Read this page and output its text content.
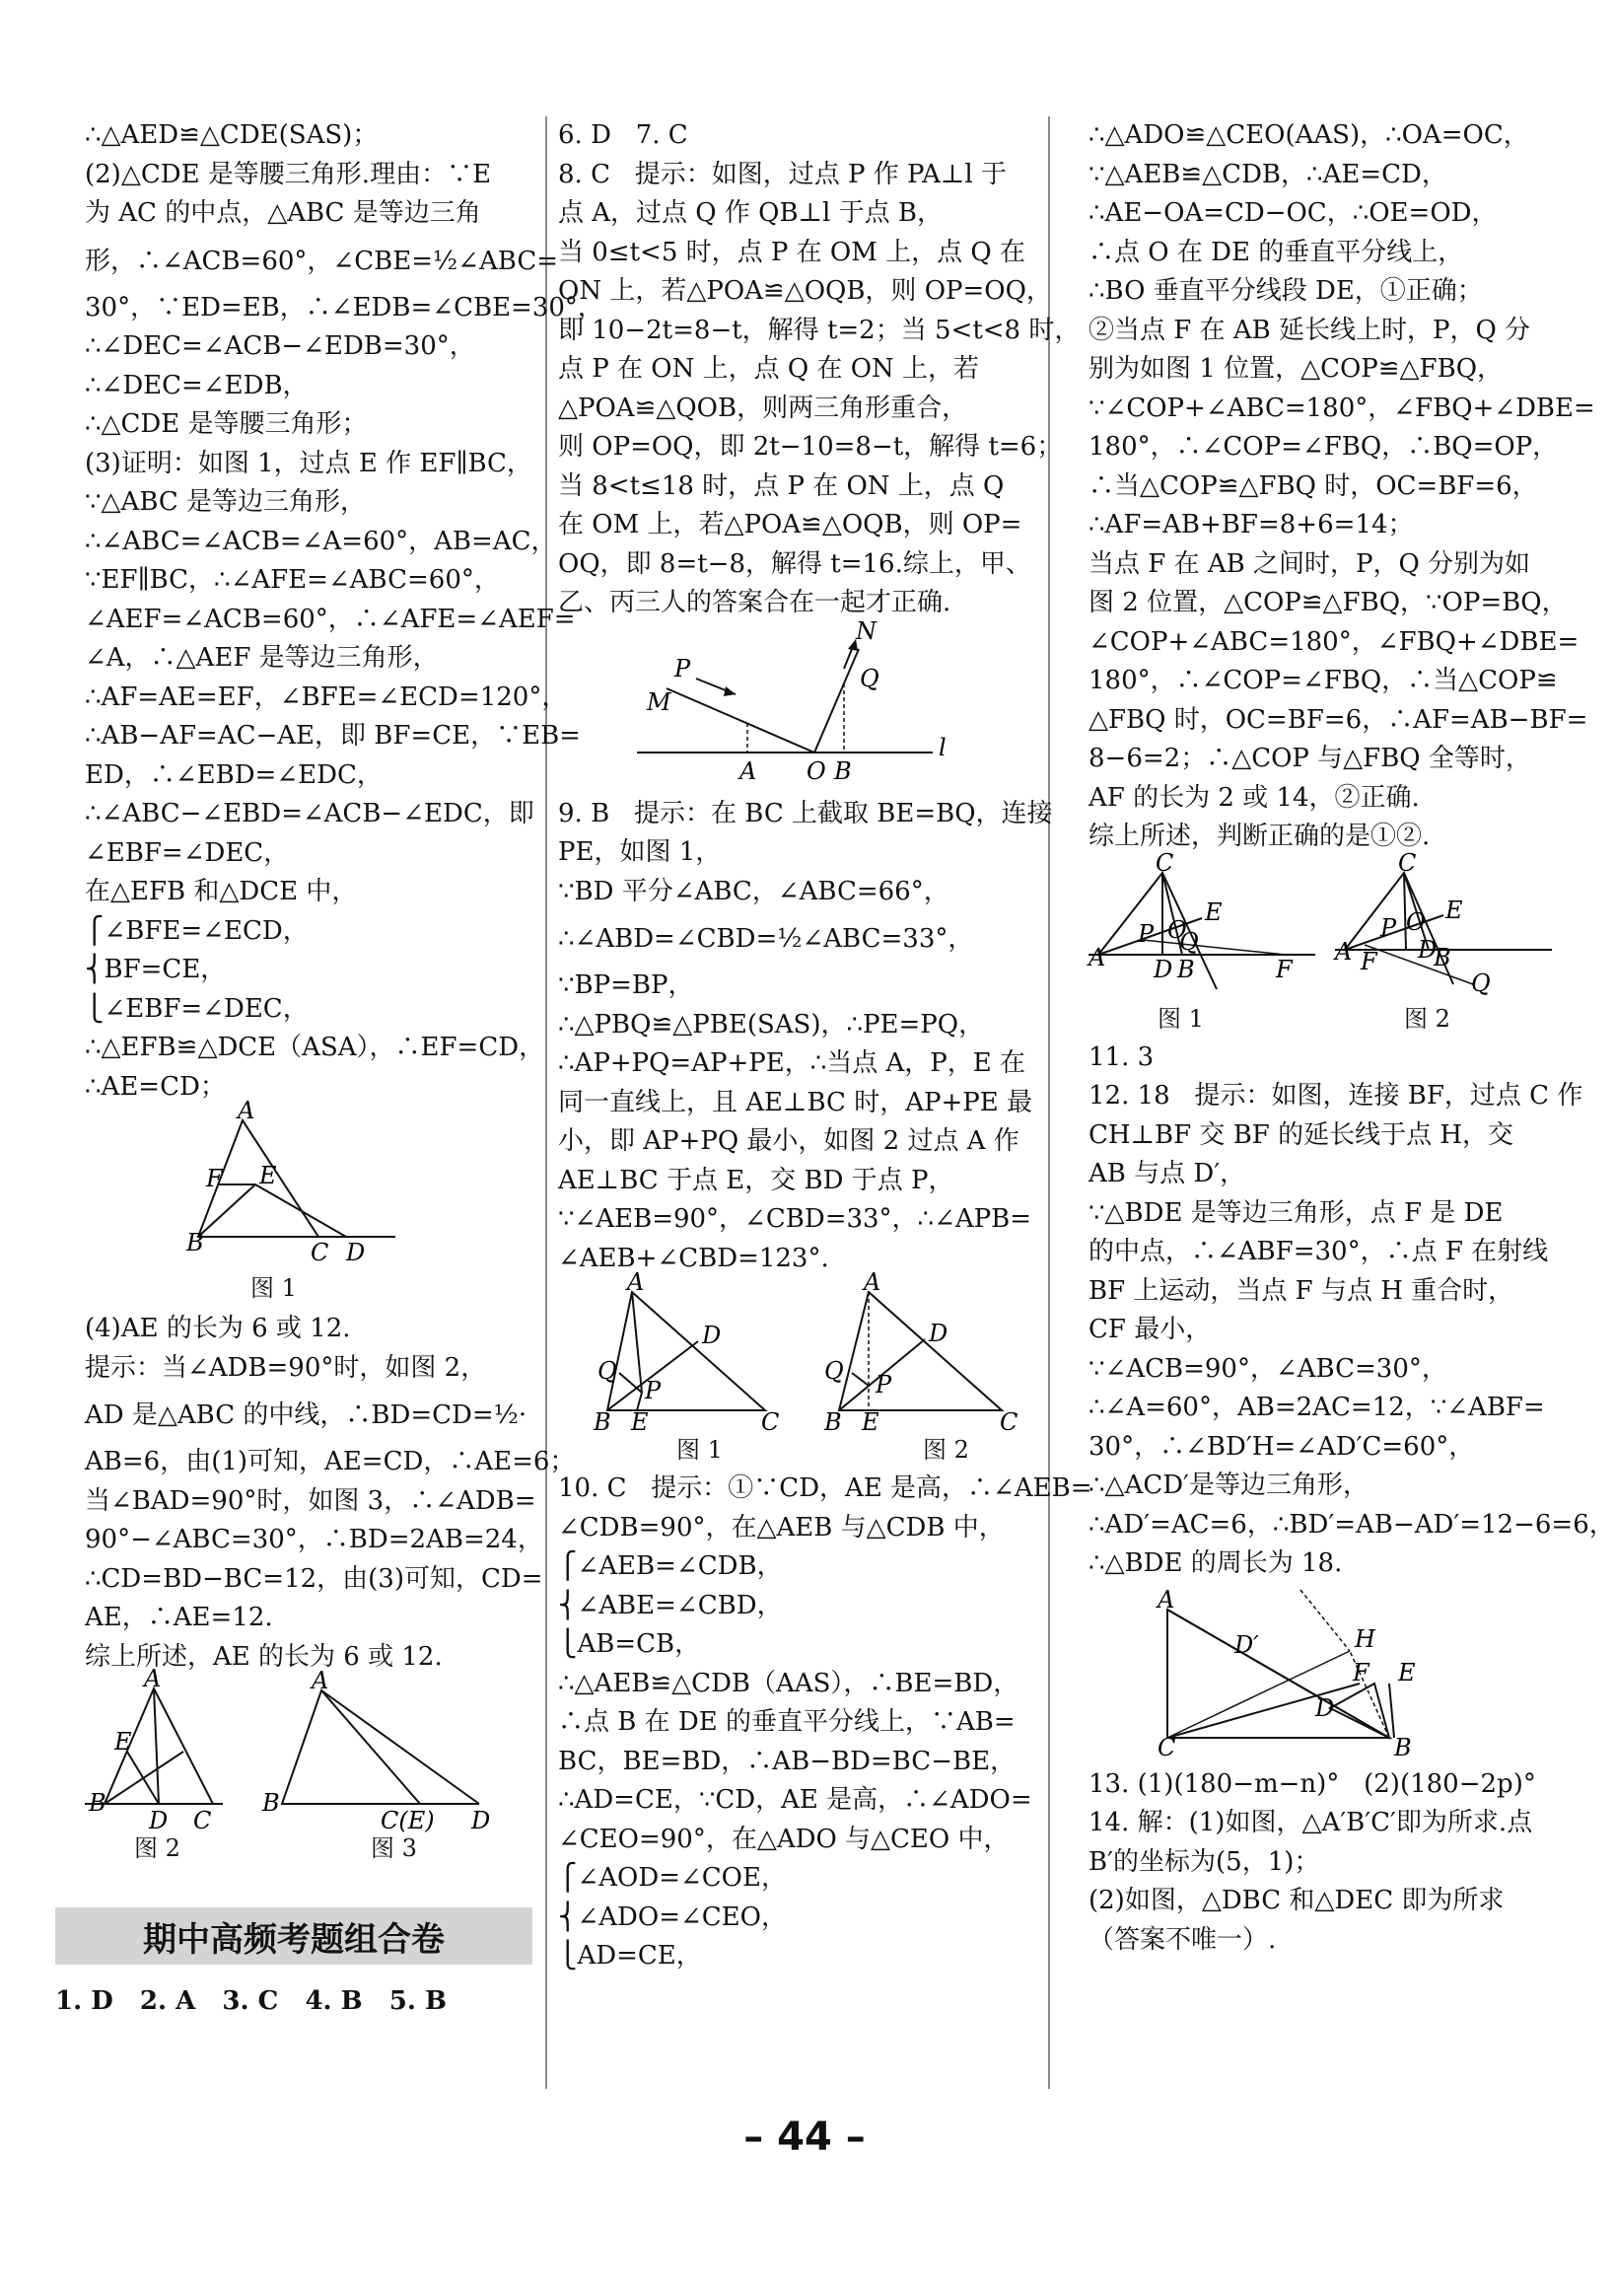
∴△AED≌△CDE(SAS)；
(2)△CDE 是等腰三角形.理由：∵E
为 AC 的中点，△ABC 是等边三角
形，∴∠ACB=60°，∠CBE=½∠ABC=
30°，∵ED=EB，∴∠EDB=∠CBE=30°，
∴∠DEC=∠ACB−∠EDB=30°，
∴∠DEC=∠EDB，
∴△CDE 是等腰三角形；
(3)证明：如图 1，过点 E 作 EF∥BC，
∵△ABC 是等边三角形，
∴∠ABC=∠ACB=∠A=60°，AB=AC，
∵EF∥BC，∴∠AFE=∠ABC=60°，
∠AEF=∠ACB=60°，∴∠AFE=∠AEF=
∠A，∴△AEF 是等边三角形，
∴AF=AE=EF，∠BFE=∠ECD=120°，
∴AB−AF=AC−AE，即 BF=CE，∵EB=
ED，∴∠EBD=∠EDC，
∴∠ABC−∠EBD=∠ACB−∠EDC，即
∠EBF=∠DEC，
在△EFB 和△DCE 中，
⎧∠BFE=∠ECD，
⎨BF=CE，
⎩∠EBF=∠DEC，
∴△EFB≌△DCE（ASA），∴EF=CD，
∴AE=CD；
A
F E
B	C D
图 1
(4)AE 的长为 6 或 12.
提示：当∠ADB=90°时，如图 2，
AD 是△ABC 的中线，∴BD=CD=½·
AB=6，由(1)可知，AE=CD，∴AE=6；
当∠BAD=90°时，如图 3，∴∠ADB=
90°−∠ABC=30°，∴BD=2AB=24，
∴CD=BD−BC=12，由(3)可知，CD=
AE，∴AE=12.
综上所述，AE 的长为 6 或 12.
A
E
B
D C
A
B
C(E) D
图 2	图 3
期中高频考题组合卷
1. D   2. A   3. C   4. B   5. B
6. D   7. C
8. C   提示：如图，过点 P 作 PA⊥l 于
点 A，过点 Q 作 QB⊥l 于点 B，
当 0≤t<5 时，点 P 在 OM 上，点 Q 在
ON 上，若△POA≌△OQB，则 OP=OQ，
即 10−2t=8−t，解得 t=2；当 5<t<8 时，
点 P 在 ON 上，点 Q 在 ON 上，若
△POA≌△QOB，则两三角形重合，
则 OP=OQ，即 2t−10=8−t，解得 t=6；
当 8<t≤18 时，点 P 在 ON 上，点 Q
在 OM 上，若△POA≌△OQB，则 OP=
OQ，即 8=t−8，解得 t=16.综上，甲、
乙、丙三人的答案合在一起才正确.
P
M
N
Q
A O B
l
9. B   提示：在 BC 上截取 BE=BQ，连接
PE，如图 1，
∵BD 平分∠ABC，∠ABC=66°，
∴∠ABD=∠CBD=½∠ABC=33°，
∵BP=BP，
∴△PBQ≌△PBE(SAS)，∴PE=PQ，
∴AP+PQ=AP+PE，∴当点 A，P，E 在
同一直线上，且 AE⊥BC 时，AP+PE 最
小，即 AP+PQ 最小，如图 2 过点 A 作
AE⊥BC 于点 E，交 BD 于点 P，
∵∠AEB=90°，∠CBD=33°，∴∠APB=
∠AEB+∠CBD=123°.
A
D
Q
P
B E	C
A
D
Q P
B E	C
图 1	图 2
10. C   提示：①∵CD，AE 是高，∴∠AEB=
∠CDB=90°，在△AEB 与△CDB 中，
⎧∠AEB=∠CDB，
⎨∠ABE=∠CBD，
⎩AB=CB，
∴△AEB≌△CDB（AAS），∴BE=BD，
∴点 B 在 DE 的垂直平分线上，∵AB=
BC，BE=BD，∴AB−BD=BC−BE，
∴AD=CE，∵CD，AE 是高，∴∠ADO=
∠CEO=90°，在△ADO 与△CEO 中，
⎧∠AOD=∠COE，
⎨∠ADO=∠CEO，
⎩AD=CE，
∴△ADO≌△CEO(AAS)，∴OA=OC，
∵△AEB≌△CDB，∴AE=CD，
∴AE−OA=CD−OC，∴OE=OD，
∴点 O 在 DE 的垂直平分线上，
∴BO 垂直平分线段 DE，①正确；
②当点 F 在 AB 延长线上时，P，Q 分
别为如图 1 位置，△COP≌△FBQ，
∵∠COP+∠ABC=180°，∠FBQ+∠DBE=
180°，∴∠COP=∠FBQ，∴BQ=OP，
∴当△COP≌△FBQ 时，OC=BF=6，
∴AF=AB+BF=8+6=14；
当点 F 在 AB 之间时，P，Q 分别为如
图 2 位置，△COP≌△FBQ，∵OP=BQ，
∠COP+∠ABC=180°，∠FBQ+∠DBE=
180°，∴∠COP=∠FBQ，∴当△COP≌
△FBQ 时，OC=BF=6，∴AF=AB−BF=
8−6=2；∴△COP 与△FBQ 全等时，
AF 的长为 2 或 14，②正确.
综上所述，判断正确的是①②.
C
A
E
P O
Q
D B	F
C
A
E
P O
D
F B
Q
图 1	图 2
11. 3
12. 18   提示：如图，连接 BF，过点 C 作
CH⊥BF 交 BF 的延长线于点 H，交
AB 与点 D′，
∵△BDE 是等边三角形，点 F 是 DE
的中点，∴∠ABF=30°，∴点 F 在射线
BF 上运动，当点 F 与点 H 重合时，
CF 最小，
∵∠ACB=90°，∠ABC=30°，
∴∠A=60°，AB=2AC=12，∵∠ABF=
30°，∴∠BD′H=∠AD′C=60°，
∴△ACD′是等边三角形，
∴AD′=AC=6，∴BD′=AB−AD′=12−6=6，
∴△BDE 的周长为 18.
A
D′	H
F E
D
C	B
13. (1)(180−m−n)°   (2)(180−2p)°
14. 解：(1)如图，△A′B′C′即为所求.点
B′的坐标为(5，1)；
(2)如图，△DBC 和△DEC 即为所求
（答案不唯一）.
– 44 –
